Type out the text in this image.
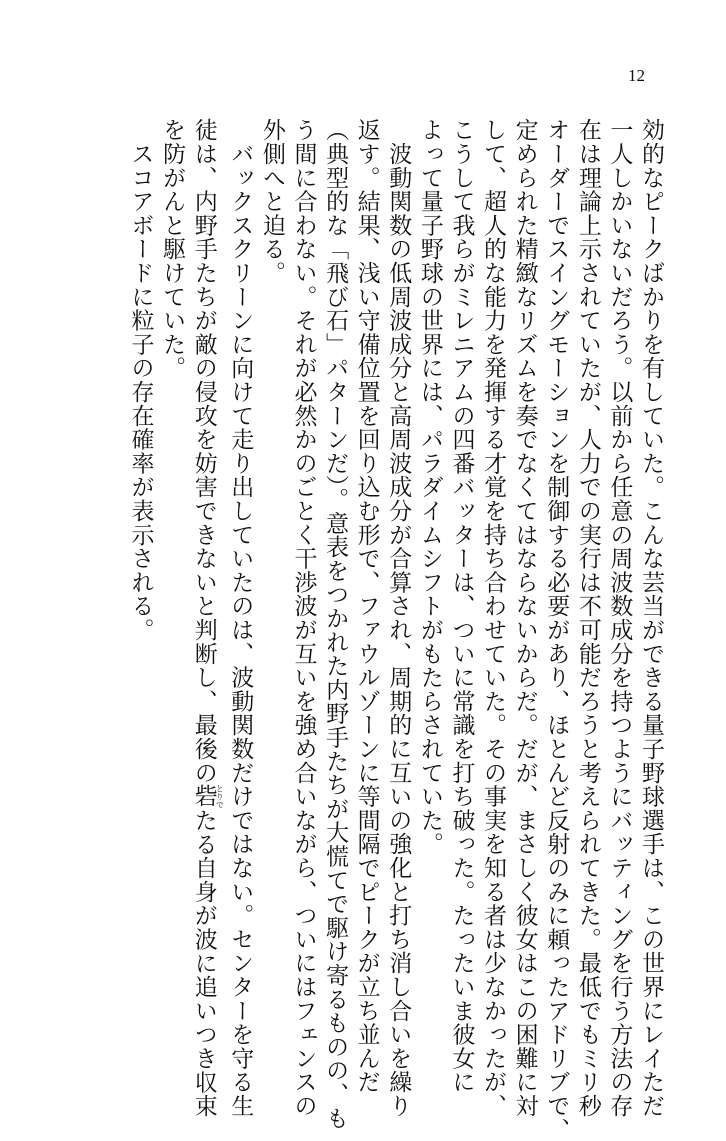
12
効的なピークばかりを有していた。こんな芸当ができる量子野球選手は、この世界にレイただ
一人しかいないだろう。以前から任意の周波数成分を持つようにバッティングを行う方法の存
在は理論上示されていたが、人力での実行は不可能だろうと考えられてきた。最低でもミリ秒
オーダーでスイングモーションを制御する必要があり、ほとんど反射のみに頼ったアドリブで、
定められた精緻なリズムを奏でなくてはならないからだ。だが、まさしく彼女はこの困難に対
して、超人的な能力を発揮する才覚を持ち合わせていた。その事実を知る者は少なかったが、
こうして我らがミレニアムの四番バッターは、ついに常識を打ち破った。たったいま彼女に
よって量子野球の世界には、パラダイムシフトがもたらされていた。
　波動関数の低周波成分と高周波成分が合算され、周期的に互いの強化と打ち消し合いを繰り
返す。結果、浅い守備位置を回り込む形で、ファウルゾーンに等間隔でピークが立ち並んだ
（典型的な「飛び石」パターンだ）。意表をつかれた内野手たちが大慌てで駆け寄るものの、も
う間に合わない。それが必然かのごとく干渉波が互いを強め合いながら、ついにはフェンスの
外側へと迫る。
　バックスクリーンに向けて走り出していたのは、波動関数だけではない。センターを守る生
徒は、内野手たちが敵の侵攻を妨害できないと判断し、最後の砦とりでたる自身が波に追いつき収束
を防がんと駆けていた。
　スコアボードに粒子の存在確率が表示される。
